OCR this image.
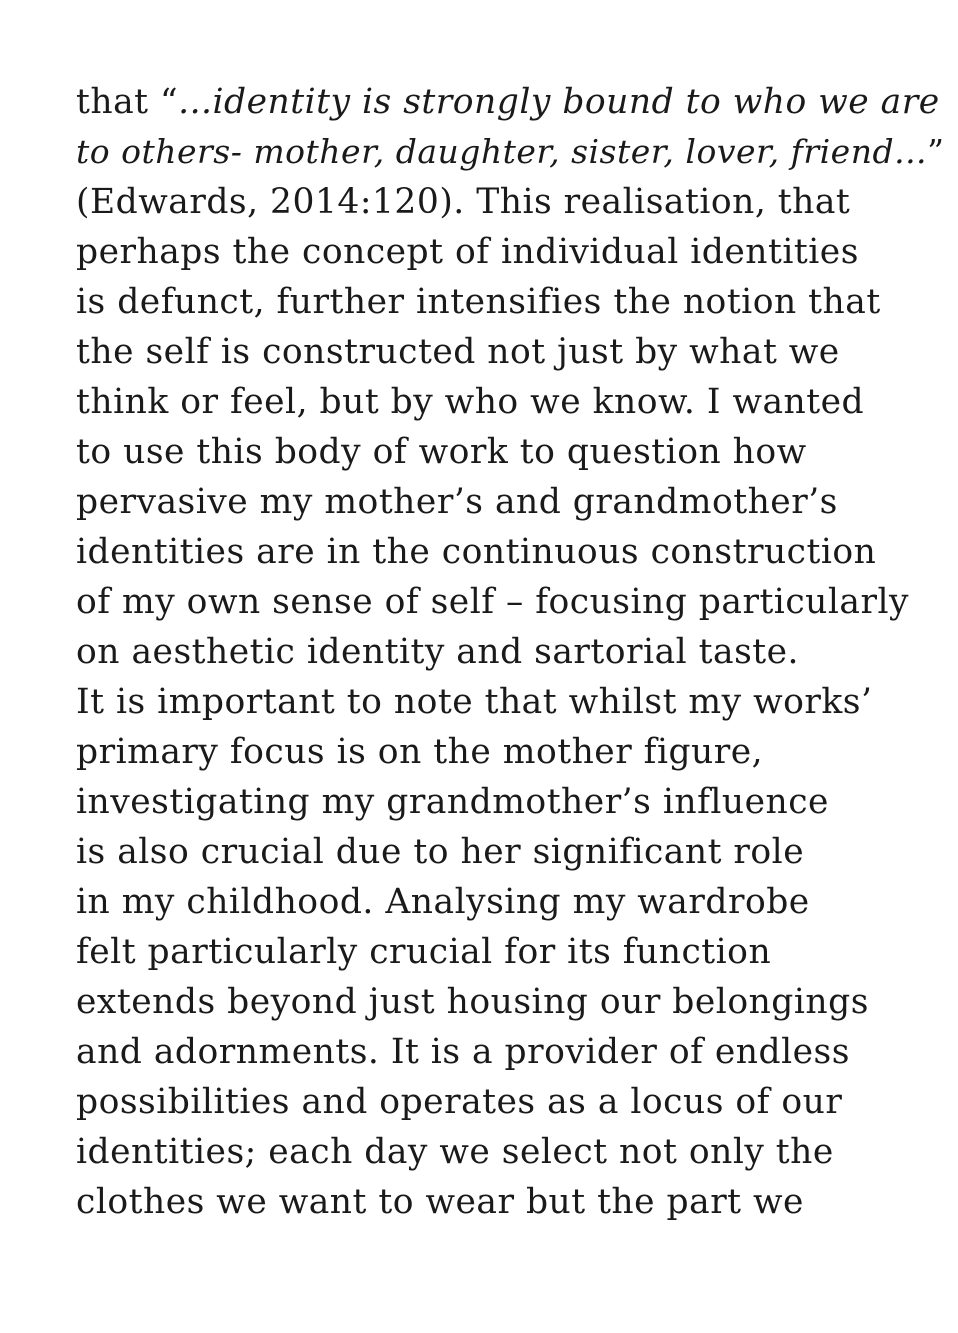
that “...identity is strongly bound to who we are
to others- mother, daughter, sister, lover, friend...”
(Edwards, 2014:120). This realisation, that
perhaps the concept of individual identities
is defunct, further intensifies the notion that
the self is constructed not just by what we
think or feel, but by who we know. I wanted
to use this body of work to question how
pervasive my mother’s and grandmother’s
identities are in the continuous construction
of my own sense of self – focusing particularly
on aesthetic identity and sartorial taste.
It is important to note that whilst my works’
primary focus is on the mother figure,
investigating my grandmother’s influence
is also crucial due to her significant role
in my childhood. Analysing my wardrobe
felt particularly crucial for its function
extends beyond just housing our belongings
and adornments. It is a provider of endless
possibilities and operates as a locus of our
identities; each day we select not only the
clothes we want to wear but the part we
